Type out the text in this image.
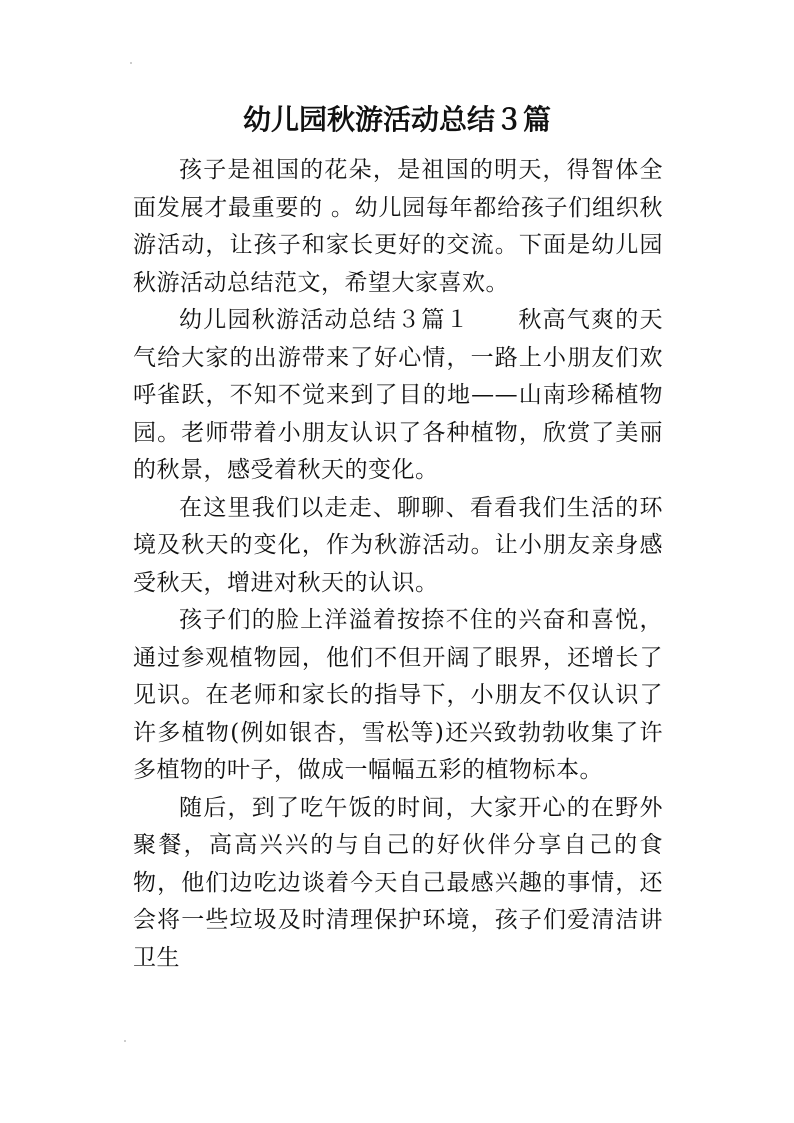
幼儿园秋游活动总结３篇

孩子是祖国的花朵，是祖国的明天，得智体全面发展才最重要的 。幼儿园每年都给孩子们组织秋游活动，让孩子和家长更好的交流。下面是幼儿园秋游活动总结范文，希望大家喜欢。

幼儿园秋游活动总结３篇１　　秋高气爽的天气给大家的出游带来了好心情，一路上小朋友们欢呼雀跃，不知不觉来到了目的地——山南珍稀植物园。老师带着小朋友认识了各种植物，欣赏了美丽的秋景，感受着秋天的变化。

在这里我们以走走、聊聊、看看我们生活的环境及秋天的变化，作为秋游活动。让小朋友亲身感受秋天，增进对秋天的认识。

孩子们的脸上洋溢着按捺不住的兴奋和喜悦，通过参观植物园，他们不但开阔了眼界，还增长了见识。在老师和家长的指导下，小朋友不仅认识了许多植物(例如银杏，雪松等)还兴致勃勃收集了许多植物的叶子，做成一幅幅五彩的植物标本。

随后，到了吃午饭的时间，大家开心的在野外聚餐，高高兴兴的与自己的好伙伴分享自己的食物，他们边吃边谈着今天自己最感兴趣的事情，还会将一些垃圾及时清理保护环境，孩子们爱清洁讲卫生
